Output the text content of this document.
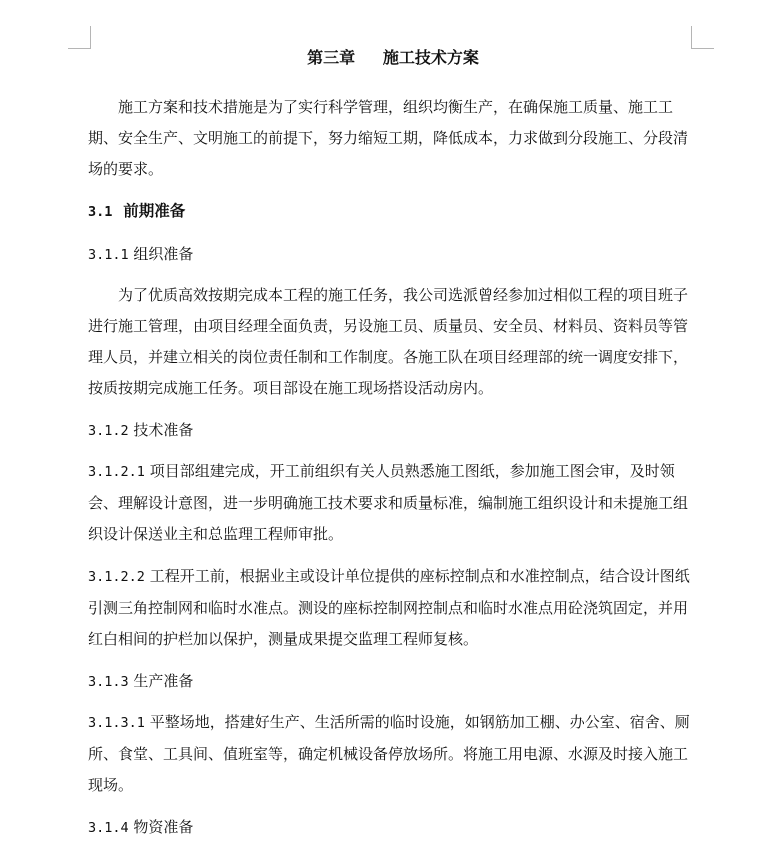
第三章     施工技术方案

施工方案和技术措施是为了实行科学管理，组织均衡生产，在确保施工质量、施工工期、安全生产、文明施工的前提下，努力缩短工期，降低成本，力求做到分段施工、分段清场的要求。

3.1 前期准备
3.1.1 组织准备

为了优质高效按期完成本工程的施工任务，我公司选派曾经参加过相似工程的项目班子进行施工管理，由项目经理全面负责，另设施工员、质量员、安全员、材料员、资料员等管理人员，并建立相关的岗位责任制和工作制度。各施工队在项目经理部的统一调度安排下，按质按期完成施工任务。项目部设在施工现场搭设活动房内。

3.1.2 技术准备

3.1.2.1 项目部组建完成，开工前组织有关人员熟悉施工图纸，参加施工图会审，及时领会、理解设计意图，进一步明确施工技术要求和质量标准，编制施工组织设计和未提施工组织设计保送业主和总监理工程师审批。

3.1.2.2 工程开工前，根据业主或设计单位提供的座标控制点和水准控制点，结合设计图纸引测三角控制网和临时水准点。测设的座标控制网控制点和临时水准点用砼浇筑固定，并用红白相间的护栏加以保护，测量成果提交监理工程师复核。

3.1.3 生产准备

3.1.3.1 平整场地，搭建好生产、生活所需的临时设施，如钢筋加工棚、办公室、宿舍、厕所、食堂、工具间、值班室等，确定机械设备停放场所。将施工用电源、水源及时接入施工现场。

3.1.4 物资准备
